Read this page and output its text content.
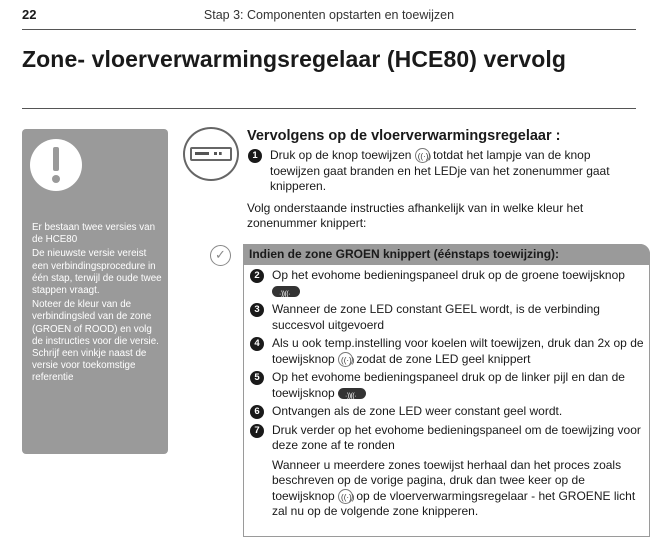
22	Stap 3: Componenten opstarten en toewijzen
Zone- vloerverwarmingsregelaar (HCE80) vervolg

Er bestaan twee versies van de HCE80

De nieuwste versie vereist een verbindingsprocedure in één stap, terwijl de oude twee stappen vraagt.

Noteer de kleur van de verbindingsled van de zone (GROEN of ROOD) en volg de instructies voor die versie. Schrijf een vinkje naast de versie voor toekomstige referentie

Vervolgens op de vloerverwarmingsregelaar :

1	Druk op de knop toewijzen ((·))
totdat het lampje van de knop toewijzen gaat branden en het LEDje van het zonenummer gaat knipperen.
Volg onderstaande instructies afhankelijk van in welke kleur het zonenummer knippert:
Indien de zone GROEN knippert (éénstaps toewijzing):
✓
2	Op het evohome bedieningspaneel druk op de groene toewijsknop
·))((·
3	Wanneer de zone LED constant GEEL wordt, is de verbinding succesvol uitgevoerd
4	Als u ook temp.instelling voor koelen wilt toewijzen, druk dan 2x op de toewijsknop ((·))
zodat de zone LED geel knippert
5	Op het evohome bedieningspaneel druk op de linker pijl en dan de toewijsknop ·))((·
6	Ontvangen als de zone LED weer constant geel wordt.
7	Druk verder op het evohome bedieningspaneel om de toewijzing voor deze zone af te ronden
Wanneer u meerdere zones toewijst herhaal dan het proces zoals beschreven op de vorige pagina, druk dan twee keer op de toewijsknop ((·))
op de vloerverwarmingsregelaar - het GROENE licht zal nu op de volgende zone knipperen.
